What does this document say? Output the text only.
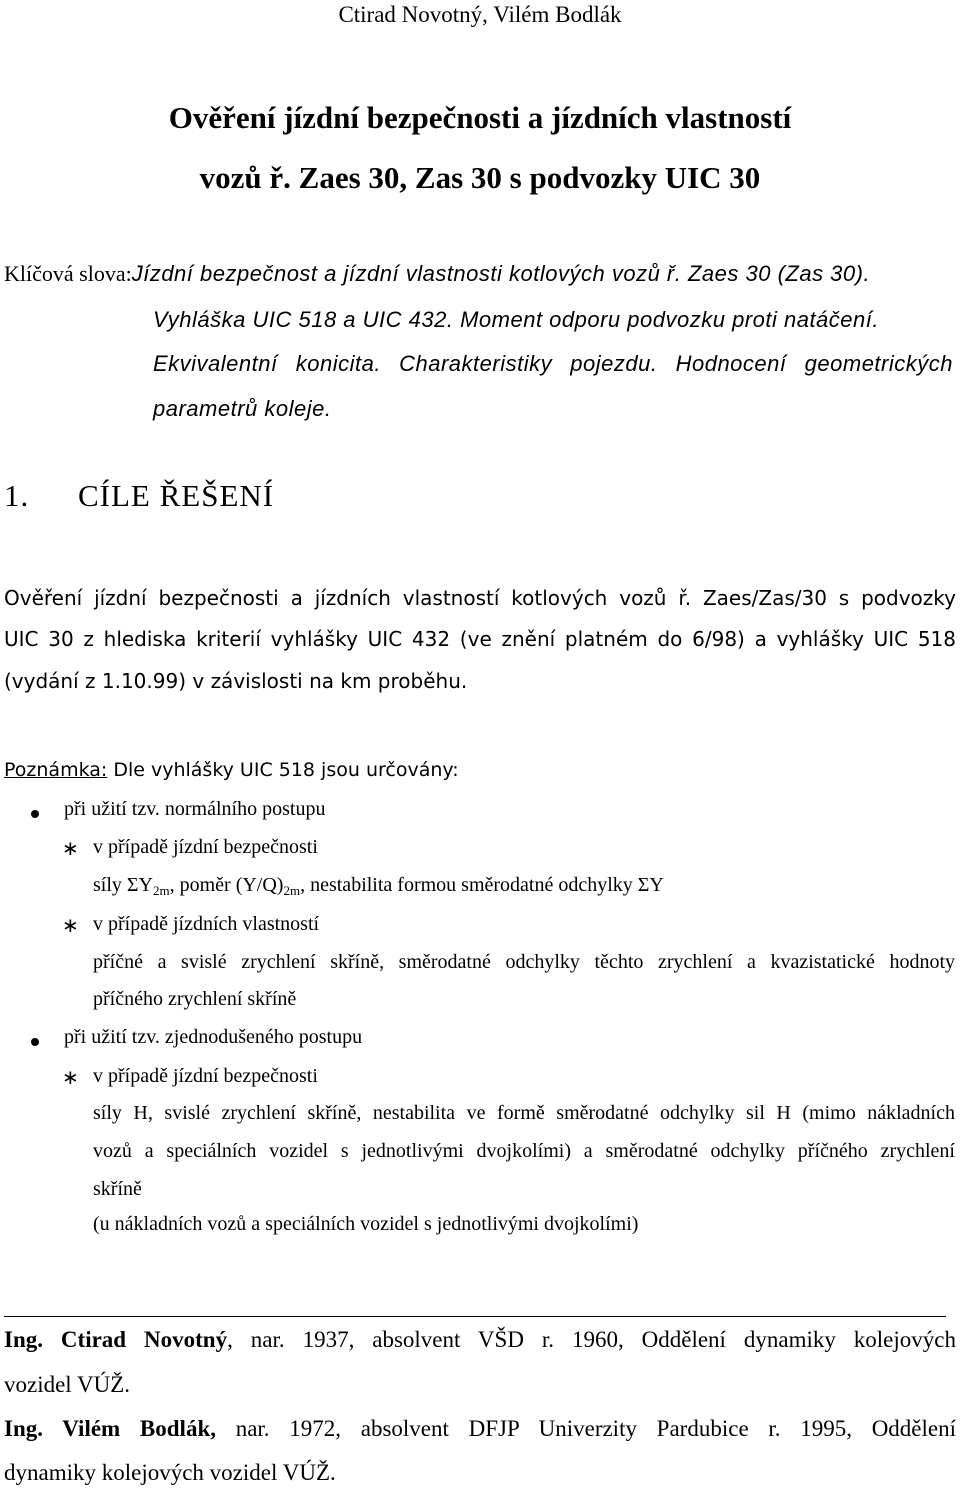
Ctirad Novotný, Vilém Bodlák
Ověření jízdní bezpečnosti a jízdních vlastností
vozů ř. Zaes 30, Zas 30 s podvozky UIC 30
Klíčová slova:Jízdní bezpečnost a jízdní vlastnosti kotlových vozů ř. Zaes 30 (Zas 30).
Vyhláška UIC 518 a UIC 432. Moment odporu podvozku proti natáčení.
Ekvivalentní konicita. Charakteristiky pojezdu. Hodnocení geometrických
parametrů koleje.
1. CÍLE ŘEŠENÍ
Ověření jízdní bezpečnosti a jízdních vlastností kotlových vozů ř. Zaes/Zas/30 s podvozky
UIC 30 z hlediska kriterií vyhlášky UIC 432 (ve znění platném do 6/98) a vyhlášky UIC 518
(vydání z 1.10.99) v závislosti na km proběhu.
Poznámka: Dle vyhlášky UIC 518 jsou určovány:
při užití tzv. normálního postupu
∗ v případě jízdní bezpečnosti
síly $\Sigma Y_{2m}$, poměr $(Y/Q)_{2m}$, nestabilita formou směrodatné odchylky ΣY
∗ v případě jízdních vlastností
příčné a svislé zrychlení skříně, směrodatné odchylky těchto zrychlení a kvazistatické hodnoty
příčného zrychlení skříně
při užití tzv. zjednodušeného postupu
∗ v případě jízdní bezpečnosti
síly H, svislé zrychlení skříně, nestabilita ve formě směrodatné odchylky sil H (mimo nákladních
vozů a speciálních vozidel s jednotlivými dvojkolími) a směrodatné odchylky příčného zrychlení
skříně
(u nákladních vozů a speciálních vozidel s jednotlivými dvojkolími)
Ing. Ctirad Novotný, nar. 1937, absolvent VŠD r. 1960, Oddělení dynamiky kolejových
vozidel VÚŽ.
Ing. Vilém Bodlák, nar. 1972, absolvent DFJP Univerzity Pardubice r. 1995, Oddělení
dynamiky kolejových vozidel VÚŽ.
